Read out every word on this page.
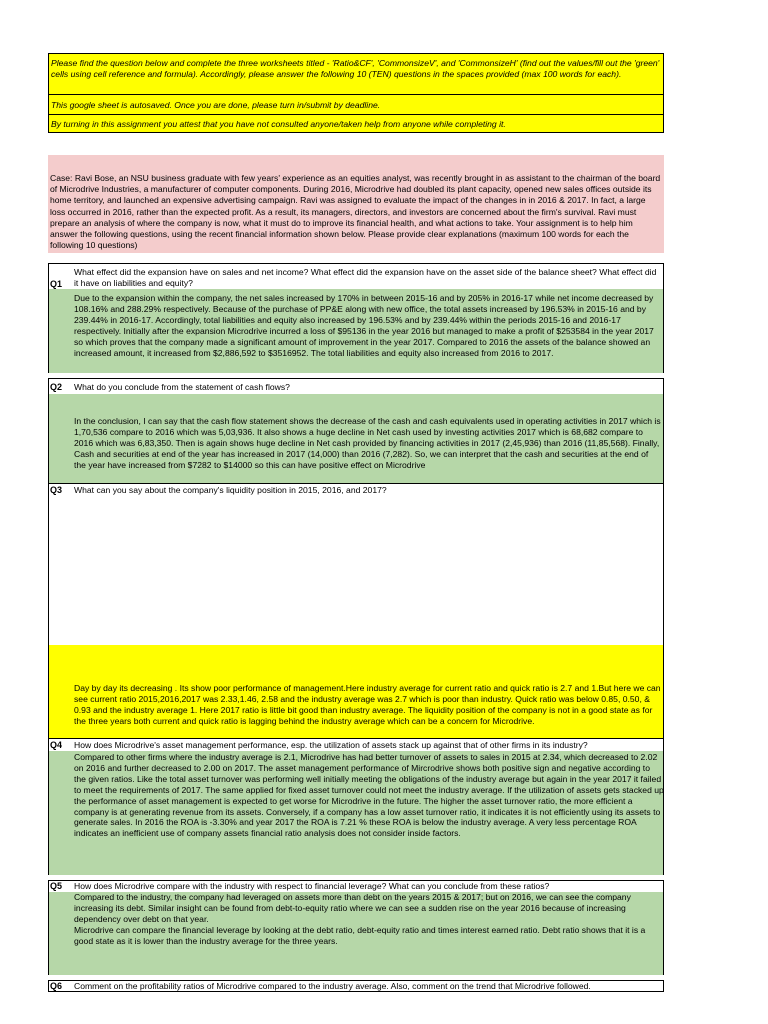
Please find the question below and complete the three worksheets titled - 'Ratio&CF', 'CommonsizeV', and 'CommonsizeH' (find out the values/fill out the 'green' cells using cell reference and formula). Accordingly, please answer the following 10 (TEN) questions in the spaces provided (max 100 words for each).
This google sheet is autosaved. Once you are done, please turn in/submit by deadline.
By turning in this assignment you attest that you have not consulted anyone/taken help from anyone while completing it.
Case: Ravi Bose, an NSU business graduate with few years' experience as an equities analyst, was recently brought in as assistant to the chairman of the board of Microdrive Industries, a manufacturer of computer components. During 2016, Microdrive had doubled its plant capacity, opened new sales offices outside its home territory, and launched an expensive advertising campaign. Ravi was assigned to evaluate the impact of the changes in in 2016 & 2017. In fact, a large loss occurred in 2016, rather than the expected profit. As a result, its managers, directors, and investors are concerned about the firm's survival. Ravi must prepare an analysis of where the company is now, what it must do to improve its financial health, and what actions to take. Your assignment is to help him answer the following questions, using the recent financial information shown below. Please provide clear explanations (maximum 100 words for each the following 10 questions)
Q1
What effect did the expansion have on sales and net income? What effect did the expansion have on the asset side of the balance sheet? What effect did it have on liabilities and equity?
Due to the expansion within the company, the net sales increased by 170% in between 2015-16 and by 205% in 2016-17 while net income decreased by 108.16% and 288.29% respectively. Because of the purchase of PP&E along with new office, the total assets increased by 196.53% in 2015-16 and by 239.44% in 2016-17. Accordingly, total liabilities and equity also increased by 196.53% and by 239.44% within the periods 2015-16 and 2016-17 respectively. Initially after the expansion Microdrive incurred a loss of $95136 in the year 2016 but managed to make a profit of $253584 in the year 2017 so which proves that the company made a significant amount of improvement in the year 2017. Compared to 2016 the assets of the balance showed an increased amount, it increased from $2,886,592 to $3516952. The total liabilities and equity also increased from 2016 to 2017.
Q2 What do you conclude from the statement of cash flows?
In the conclusion, I can say that the cash flow statement shows the decrease of the cash and cash equivalents used in operating activities in 2017 which is 1,70,536 compare to 2016 which was 5,03,936. It also shows a huge decline in Net cash used by investing activities 2017 which is 68,682 compare to 2016 which was 6,83,350. Then is again shows huge decline in Net cash provided by financing activities in 2017 (2,45,936) than 2016 (11,85,568). Finally, Cash and securities at end of the year has increased in 2017 (14,000) than 2016 (7,282). So, we can interpret that the cash and securities at the end of the year have increased from $7282 to $14000 so this can have positive effect on Microdrive
Q3 What can you say about the company's liquidity position in 2015, 2016, and 2017?
Day by day its decreasing . Its show poor performance of management.Here industry average for current ratio and quick ratio is 2.7 and 1.But here we can see current ratio 2015,2016,2017 was 2.33,1.46, 2.58 and the industry average was 2.7 which is poor than industry. Quick ratio was below 0.85, 0.50, & 0.93 and the industry average 1. Here 2017 ratio is little bit good than industry average. The liquidity position of the company is not in a good state as for the three years both current and quick ratio is lagging behind the industry average which can be a concern for Microdrive.
Q4 How does Microdrive's asset management performance, esp. the utilization of assets stack up against that of other firms in its industry?
Compared to other firms where the industry average is 2.1, Microdrive has had better turnover of assets to sales in 2015 at 2.34, which decreased to 2.02 on 2016 and further decreased to 2.00 on 2017. The asset management performance of Mircrodrive shows both positive sign and negative according to the given ratios. Like the total asset turnover was performing well initially meeting the obligations of the industry average but again in the year 2017 it failed to meet the requirements of 2017. The same applied for fixed asset turnover could not meet the industry average. If the utilization of assets gets stacked up the performance of asset management is expected to get worse for Microdrive in the future. The higher the asset turnover ratio, the more efficient a company is at generating revenue from its assets. Conversely, if a company has a low asset turnover ratio, it indicates it is not efficiently using its assets to generate sales. In 2016 the ROA is -3.30% and year 2017 the ROA is 7.21 % these ROA is below the industry average. A very less percentage ROA indicates an inefficient use of company assets financial ratio analysis does not consider inside factors.
Q5 How does Microdrive compare with the industry with respect to financial leverage? What can you conclude from these ratios?
Compared to the industry, the company had leveraged on assets more than debt on the years 2015 & 2017; but on 2016, we can see the company increasing its debt. Similar insight can be found from debt-to-equity ratio where we can see a sudden rise on the year 2016 because of increasing dependency over debt on that year.
Microdrive can compare the financial leverage by looking at the debt ratio, debt-equity ratio and times interest earned ratio. Debt ratio shows that it is a good state as it is lower than the industry average for the three years.
Q6 Comment on the profitability ratios of Microdrive compared to the industry average. Also, comment on the trend that Microdrive followed.
